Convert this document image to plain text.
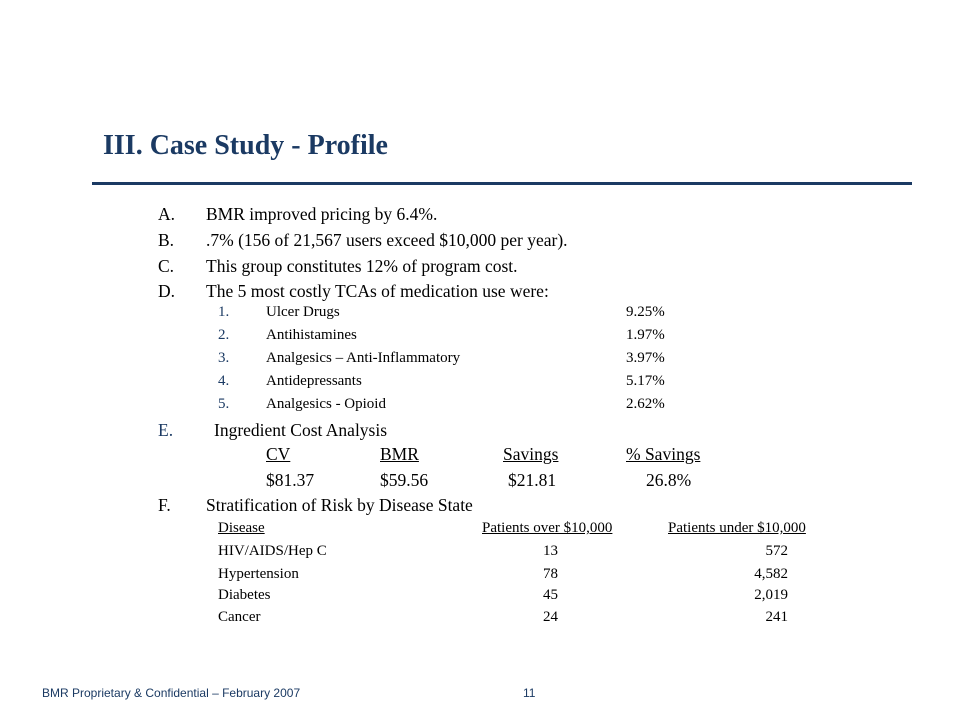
III. Case Study - Profile
A. BMR improved pricing by 6.4%.
B. .7% (156 of 21,567 users exceed $10,000 per year).
C. This group constitutes 12% of program cost.
D. The 5 most costly TCAs of medication use were:
1. Ulcer Drugs	9.25%
2. Antihistamines	1.97%
3. Analgesics – Anti-Inflammatory	3.97%
4. Antidepressants	5.17%
5. Analgesics - Opioid	2.62%
E. Ingredient Cost Analysis
CV	BMR	Savings	% Savings
$81.37	$59.56	$21.81	26.8%
F. Stratification of Risk by Disease State
Disease	Patients over $10,000	Patients under $10,000
HIV/AIDS/Hep C	13	572
Hypertension	78	4,582
Diabetes	45	2,019
Cancer	24	241
BMR Proprietary & Confidential – February 2007	11
